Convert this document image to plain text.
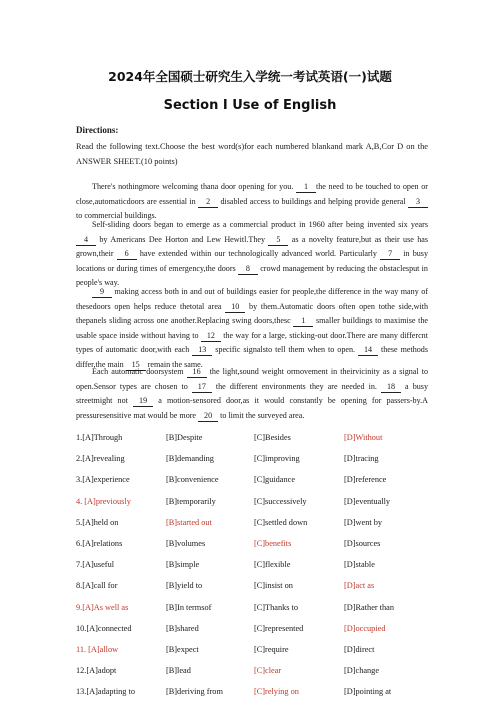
2024年全国硕士研究生入学统一考试英语(一)试题
Section I Use of English
Directions:
Read the following text.Choose the best word(s)for each numbered blankand mark A,B,Cor D on the ANSWER SHEET.(10 points)
There's nothingmore welcoming thana door opening for you. 1 the need to be touched to open or close,automaticdoors are essential in 2 disabled access to buildings and helping provide general 3 to commercial buildings.
Self-sliding doors began to emerge as a commercial product in 1960 after being invented six years 4 by Americans Dee Horton and Lew Hewitl.They 5 as a novelty feature,but as their use has grown,their 6 have extended within our technologically advanced world. Particularly 7 in busy locations or during times of emergency,the doors 8 crowd management by reducing the obstaclesput in people's way.
9 making access both in and out of buildings easier for people,the difference in the way many of thesedoors open helps reduce thetotal area 10 by them.Automatic doors often open tothe side,with thepanels sliding across one another.Replacing swing doors,thesc 1 smaller buildings to maximise the usable space inside without having to 12 the way for a large, sticking-out door.There are many differcnt types of automatic door,with each 13 specific signalsto tell them when to open. 14 these methods differ,the main 15 remain the same.
Each automatic doorsystem 16 the light,sound weight ormovement in theirvicinity as a signal to open.Sensor types are chosen to 17 the different environments they are needed in. 18 a busy streetmight not 19 a motion-sensored door,as it would constantly be opening for passers-by.A pressuresensitive mat would be more 20 to limit the surveyed area.
1.[A]Through	[B]Despite	[C]Besides	[D]Without
2.[A]revealing	[B]demanding	[C]improving	[D]tracing
3.[A]experience	[B]convenience	[C]guidance	[D]reference
4. [A]previously	[B]temporarily	[C]successively	[D]eventually
5.[A]held on	[B]started out	[C]settled down	[D]went by
6.[A]relations	[B]volumes	[C]benefits	[D]sources
7.[A]useful	[B]simple	[C]flexible	[D]stable
8.[A]call for	[B]yield to	[C]insist on	[D]act as
9.[A]As well as	[B]In termsof	[C]Thanks to	[D]Rather than
10.[A]connected	[B]shared	[C]represented	[D]occupied
11. [A]allow	[B]expect	[C]require	[D]direct
12.[A]adopt	[B]lead	[C]clear	[D]change
13.[A]adapting to	[B]deriving from	[C]relying on	[D]pointing at
